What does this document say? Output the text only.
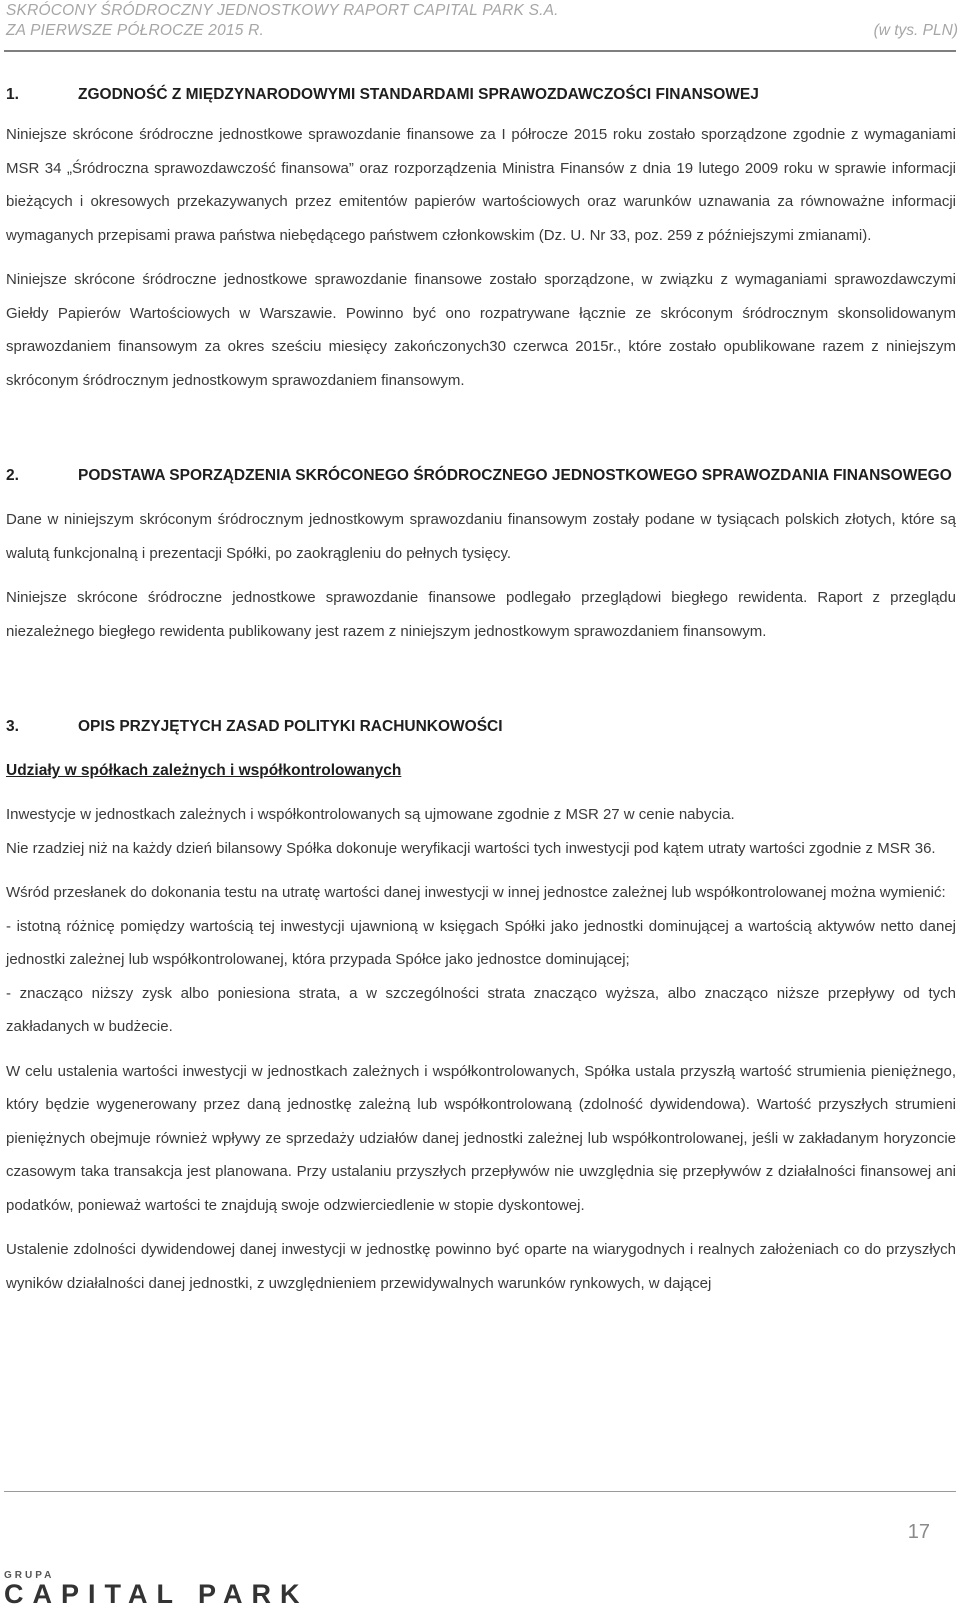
SKRÓCONY ŚRÓDROCZNY JEDNOSTKOWY RAPORT CAPITAL PARK S.A.
ZA PIERWSZE PÓŁROCZE 2015 R.	(w tys. PLN)
1.	ZGODNOŚĆ Z MIĘDZYNARODOWYMI STANDARDAMI SPRAWOZDAWCZOŚCI FINANSOWEJ

Niniejsze skrócone śródroczne jednostkowe sprawozdanie finansowe za I półrocze 2015 roku zostało sporządzone zgodnie z wymaganiami MSR 34 „Śródroczna sprawozdawczość finansowa” oraz rozporządzenia Ministra Finansów z dnia 19 lutego 2009 roku w sprawie informacji bieżących i okresowych przekazywanych przez emitentów papierów wartościowych oraz warunków uznawania za równoważne informacji wymaganych przepisami prawa państwa niebędącego państwem członkowskim (Dz. U. Nr 33, poz. 259 z późniejszymi zmianami).

Niniejsze skrócone śródroczne jednostkowe sprawozdanie finansowe zostało sporządzone, w związku z wymaganiami sprawozdawczymi Giełdy Papierów Wartościowych w Warszawie. Powinno być ono rozpatrywane łącznie ze skróconym śródrocznym skonsolidowanym sprawozdaniem finansowym za okres sześciu miesięcy zakończonych30 czerwca 2015r., które zostało opublikowane razem z niniejszym skróconym śródrocznym jednostkowym sprawozdaniem finansowym.

2.	PODSTAWA SPORZĄDZENIA SKRÓCONEGO ŚRÓDROCZNEGO JEDNOSTKOWEGO SPRAWOZDANIA FINANSOWEGO

Dane w niniejszym skróconym śródrocznym jednostkowym sprawozdaniu finansowym zostały podane w tysiącach polskich złotych, które są walutą funkcjonalną i prezentacji Spółki, po zaokrągleniu do pełnych tysięcy.

Niniejsze skrócone śródroczne jednostkowe sprawozdanie finansowe podlegało przeglądowi biegłego rewidenta. Raport z przeglądu niezależnego biegłego rewidenta publikowany jest razem z niniejszym jednostkowym sprawozdaniem finansowym.

3.	OPIS PRZYJĘTYCH ZASAD POLITYKI RACHUNKOWOŚCI

Udziały w spółkach zależnych i współkontrolowanych

Inwestycje w jednostkach zależnych i współkontrolowanych są ujmowane zgodnie z MSR 27 w cenie nabycia.

Nie rzadziej niż na każdy dzień bilansowy Spółka dokonuje weryfikacji wartości tych inwestycji pod kątem utraty wartości zgodnie z MSR 36.

Wśród przesłanek do dokonania testu na utratę wartości danej inwestycji w innej jednostce zależnej lub współkontrolowanej można wymienić:

- istotną różnicę pomiędzy wartością tej inwestycji ujawnioną w księgach Spółki jako jednostki dominującej a wartością aktywów netto danej jednostki zależnej lub współkontrolowanej, która przypada Spółce jako jednostce dominującej;

- znacząco niższy zysk albo poniesiona strata, a w szczególności strata znacząco wyższa, albo znacząco niższe przepływy od tych zakładanych w budżecie.

W celu ustalenia wartości inwestycji w jednostkach zależnych i współkontrolowanych, Spółka ustala przyszłą wartość strumienia pieniężnego, który będzie wygenerowany przez daną jednostkę zależną lub współkontrolowaną (zdolność dywidendowa). Wartość przyszłych strumieni pieniężnych obejmuje również wpływy ze sprzedaży udziałów danej jednostki zależnej lub współkontrolowanej, jeśli w zakładanym horyzoncie czasowym taka transakcja jest planowana. Przy ustalaniu przyszłych przepływów nie uwzględnia się przepływów z działalności finansowej ani podatków, ponieważ wartości te znajdują swoje odzwierciedlenie w stopie dyskontowej.

Ustalenie zdolności dywidendowej danej inwestycji w jednostkę powinno być oparte na wiarygodnych i realnych założeniach co do przyszłych wyników działalności danej jednostki, z uwzględnieniem przewidywalnych warunków rynkowych, w dającej

17
GRUPA
CAPITAL PARK
